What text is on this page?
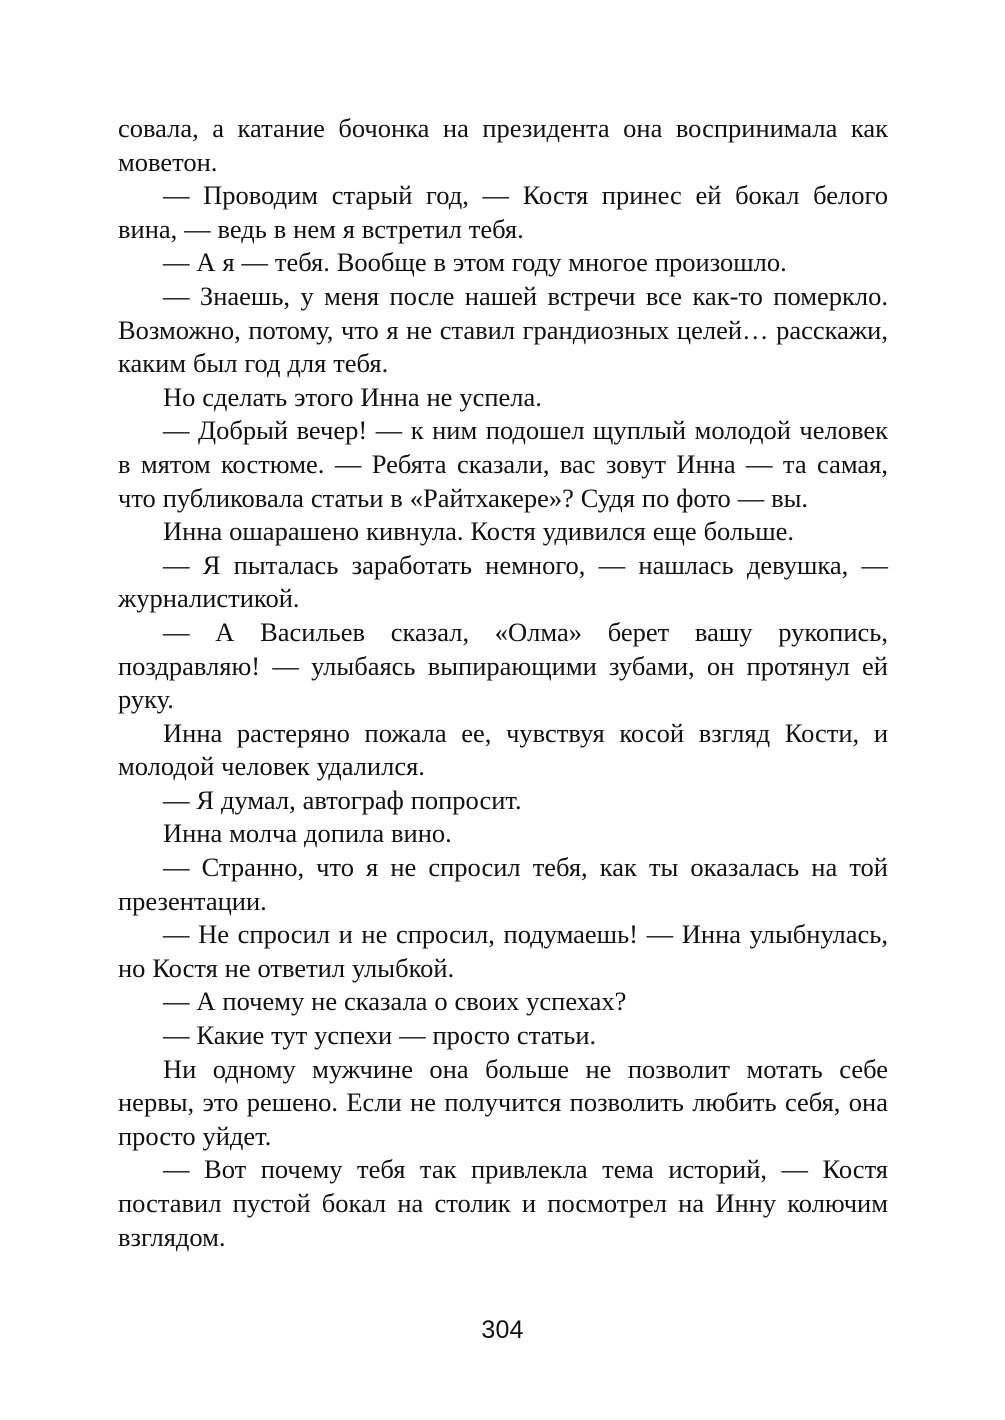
совала, а катание бочонка на президента она воспринимала как моветон.

— Проводим старый год, — Костя принес ей бокал белого вина, — ведь в нем я встретил тебя.

— А я — тебя. Вообще в этом году многое произошло.

— Знаешь, у меня после нашей встречи все как-то померкло. Возможно, потому, что я не ставил грандиозных целей… расскажи, каким был год для тебя.

Но сделать этого Инна не успела.

— Добрый вечер! — к ним подошел щуплый молодой человек в мятом костюме. — Ребята сказали, вас зовут Инна — та самая, что публиковала статьи в «Райтхакере»? Судя по фото — вы.

Инна ошарашено кивнула. Костя удивился еще больше.

— Я пыталась заработать немного, — нашлась девушка, — журналистикой.

— А Васильев сказал, «Олма» берет вашу рукопись, поздравляю! — улыбаясь выпирающими зубами, он протянул ей руку.

Инна растеряно пожала ее, чувствуя косой взгляд Кости, и молодой человек удалился.

— Я думал, автограф попросит.

Инна молча допила вино.

— Странно, что я не спросил тебя, как ты оказалась на той презентации.

— Не спросил и не спросил, подумаешь! — Инна улыбнулась, но Костя не ответил улыбкой.

— А почему не сказала о своих успехах?

— Какие тут успехи — просто статьи.

Ни одному мужчине она больше не позволит мотать себе нервы, это решено. Если не получится позволить любить себя, она просто уйдет.

— Вот почему тебя так привлекла тема историй, — Костя поставил пустой бокал на столик и посмотрел на Инну колючим взглядом.

304
